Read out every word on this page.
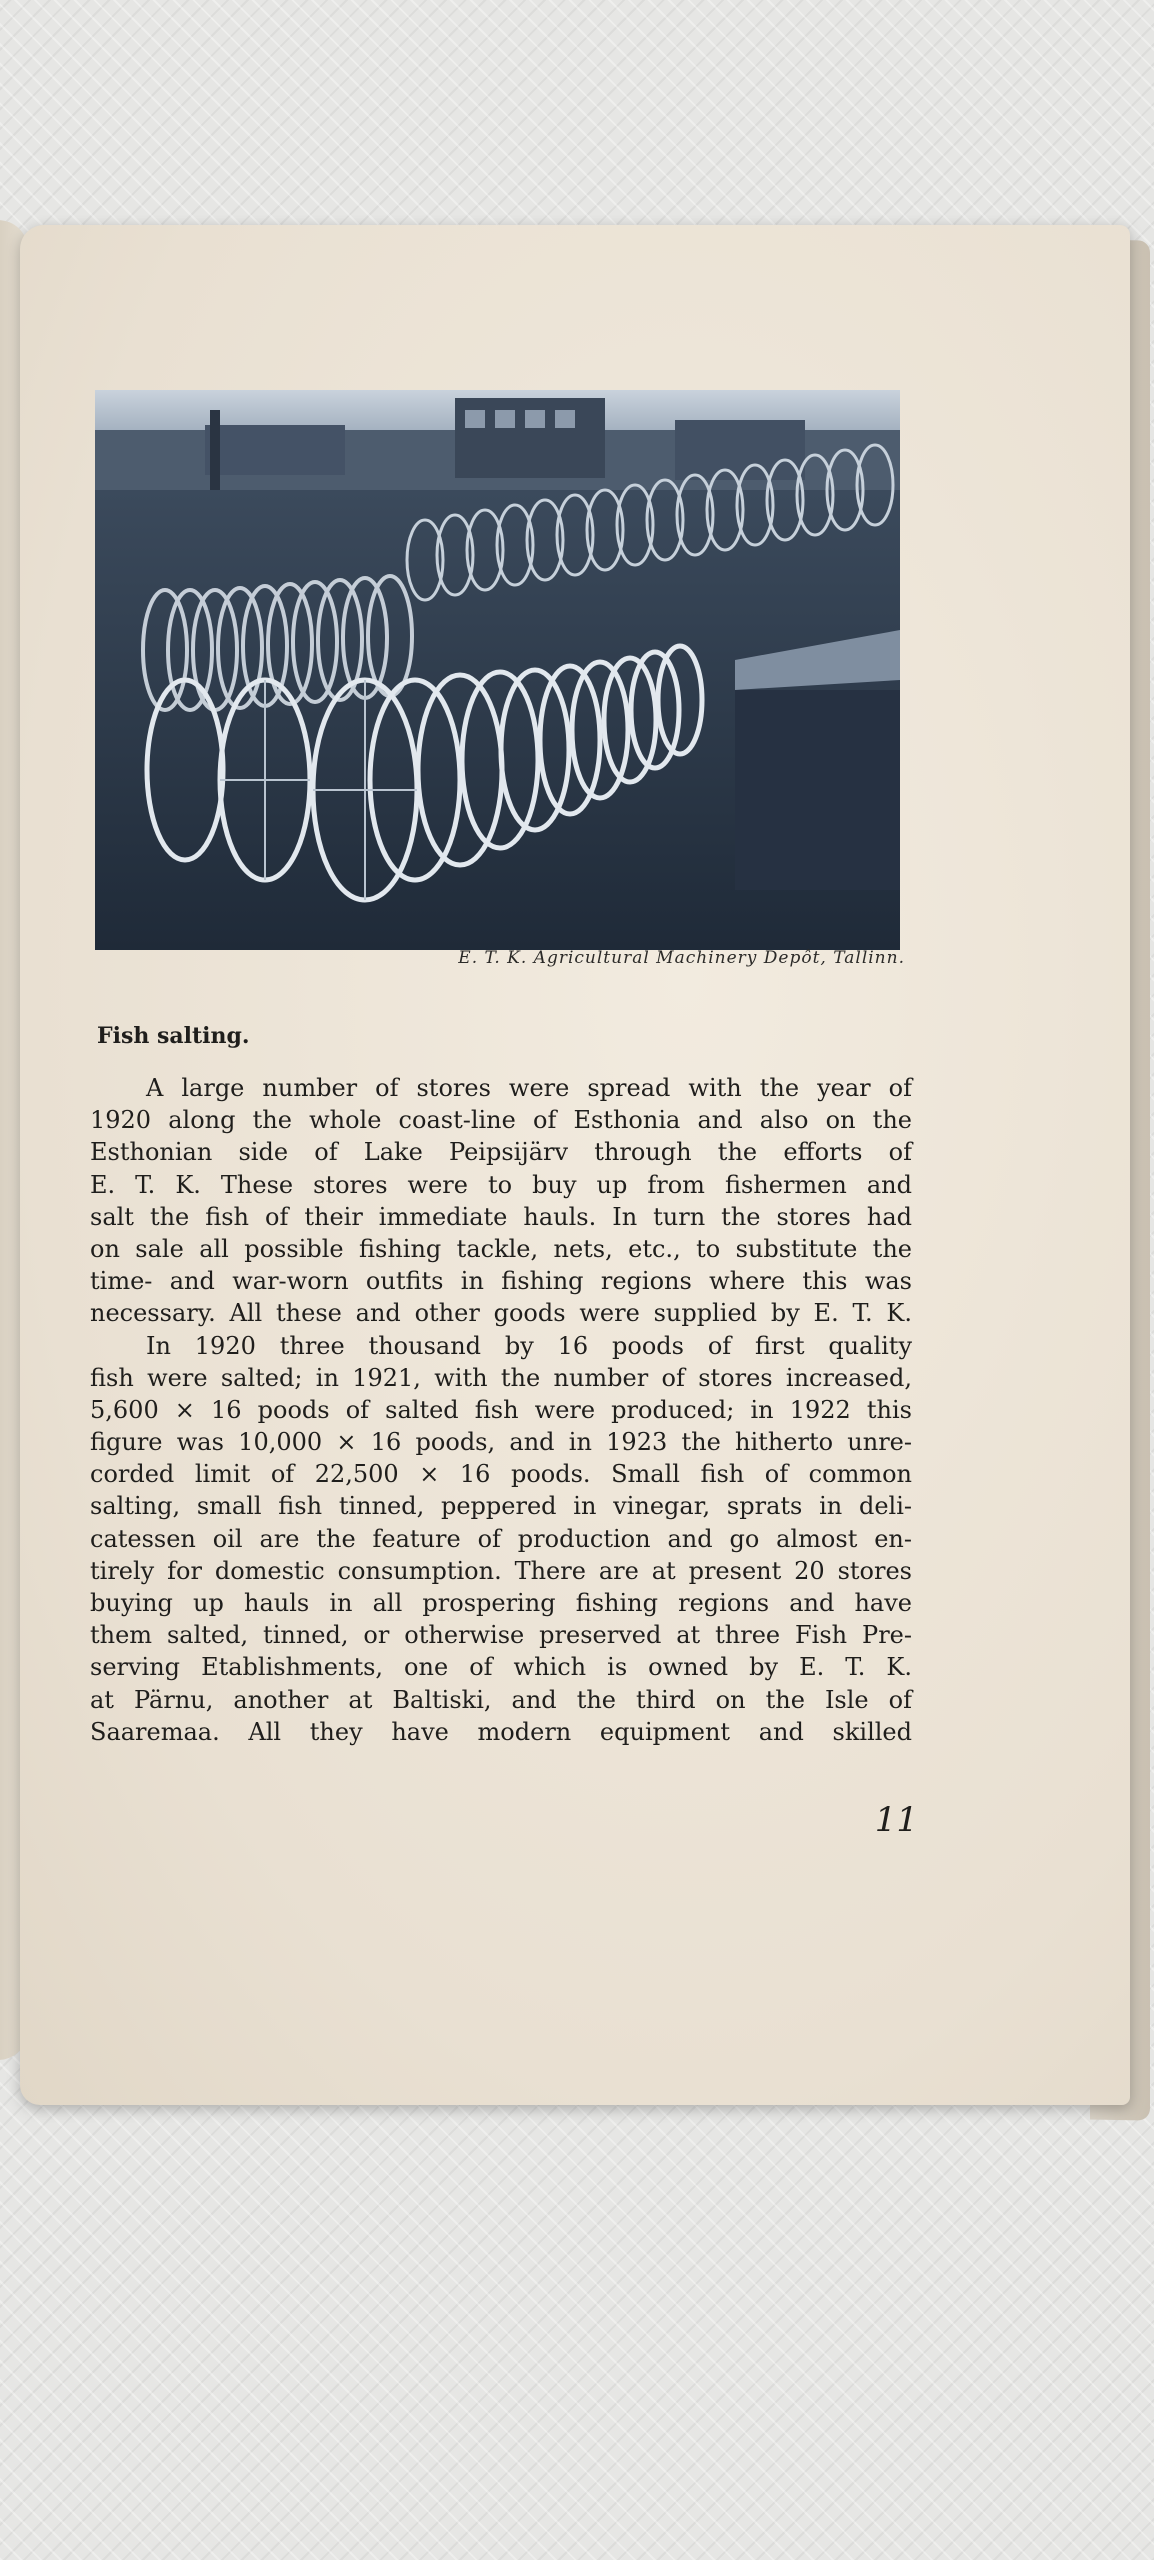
E. T. K. Agricultural Machinery Depôt, Tallinn.
Fish salting.
A large number of stores were spread with the year of
1920 along the whole coast-line of Esthonia and also on the
Esthonian side of Lake Peipsijärv through the efforts of
E. T. K. These stores were to buy up from fishermen and
salt the fish of their immediate hauls. In turn the stores had
on sale all possible fishing tackle, nets, etc., to substitute the
time- and war-worn outfits in fishing regions where this was
necessary. All these and other goods were supplied by E. T. K.
In 1920 three thousand by 16 poods of first quality
fish were salted; in 1921, with the number of stores increased,
5,600 × 16 poods of salted fish were produced; in 1922 this
figure was 10,000 × 16 poods, and in 1923 the hitherto unre-
corded limit of 22,500 × 16 poods. Small fish of common
salting, small fish tinned, peppered in vinegar, sprats in deli-
catessen oil are the feature of production and go almost en-
tirely for domestic consumption. There are at present 20 stores
buying up hauls in all prospering fishing regions and have
them salted, tinned, or otherwise preserved at three Fish Pre-
serving Etablishments, one of which is owned by E. T. K.
at Pärnu, another at Baltiski, and the third on the Isle of
Saaremaa. All they have modern equipment and skilled
11
